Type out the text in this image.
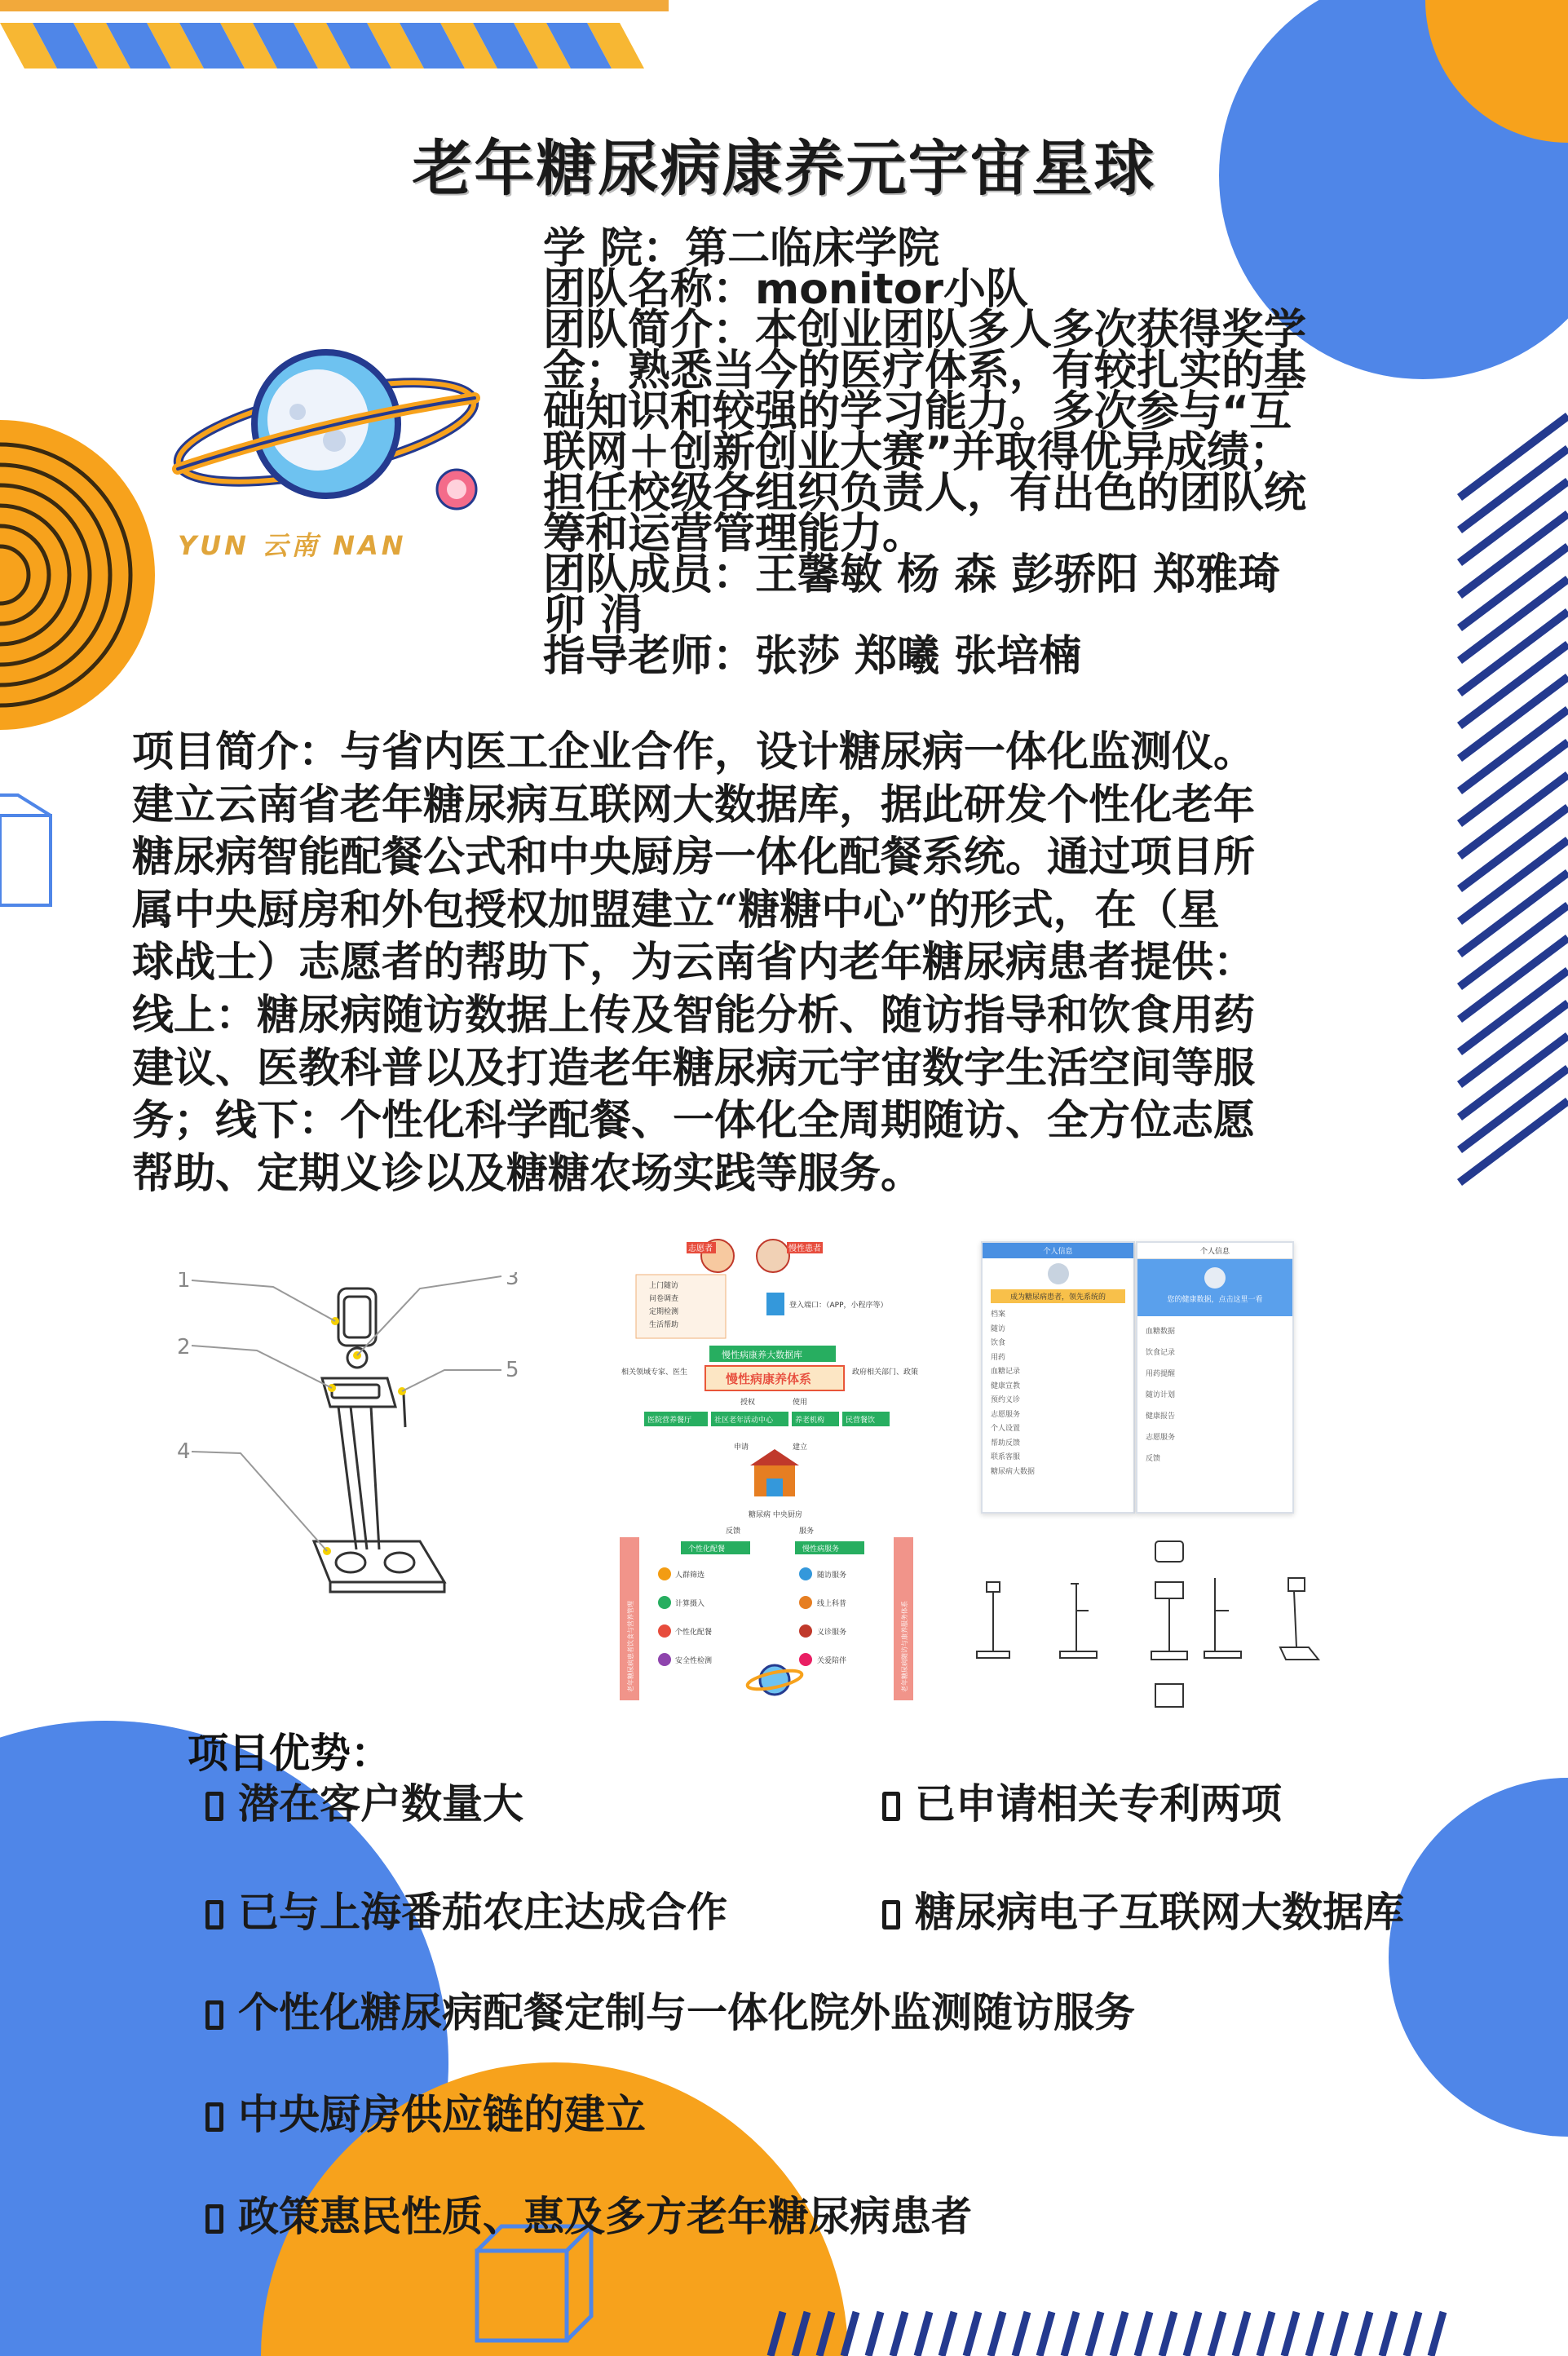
老年糖尿病康养元宇宙星球
YUN 云南 NAN
学 院：第二临床学院
团队名称：monitor小队
团队简介：本创业团队多人多次获得奖学
金；熟悉当今的医疗体系，有较扎实的基
础知识和较强的学习能力。多次参与“互
联网＋创新创业大赛”并取得优异成绩；
担任校级各组织负责人，有出色的团队统
筹和运营管理能力。
团队成员：王馨敏 杨 森 彭骄阳 郑雅琦
卯 涓
指导老师：张莎 郑曦 张培楠
项目简介：与省内医工企业合作，设计糖尿病一体化监测仪。
建立云南省老年糖尿病互联网大数据库，据此研发个性化老年
糖尿病智能配餐公式和中央厨房一体化配餐系统。通过项目所
属中央厨房和外包授权加盟建立“糖糖中心”的形式，在（星
球战士）志愿者的帮助下，为云南省内老年糖尿病患者提供：
线上：糖尿病随访数据上传及智能分析、随访指导和饮食用药
建议、医教科普以及打造老年糖尿病元宇宙数字生活空间等服
务；线下：个性化科学配餐、一体化全周期随访、全方位志愿
帮助、定期义诊以及糖糖农场实践等服务。
1
2
3
4
5
志愿者	慢性患者
上门随访
问卷调查
定期检测
生活帮助
登入端口：（APP，小程序等）
慢性病康养大数据库
慢性病康养体系
相关领域专家、医生	政府相关部门、政策
授权	使用
医院营养餐厅	社区老年活动中心	养老机构	民营餐饮
申请	建立
糖尿病 中央厨房
反馈	服务
个性化配餐	慢性病服务
老年糖尿病患者饮食与营养管理	老年糖尿病随访与康养服务体系
人群筛选
计算摄入
个性化配餐
安全性检测
随访服务
线上科普
义诊服务
关爱陪伴
个人信息
成为糖尿病患者，领先系统的
档案
随访
饮食
用药
血糖记录
健康宣教
预约义诊
志愿服务
个人设置
帮助反馈
联系客服
糖尿病大数据
个人信息
您的健康数据，点击这里一看
血糖数据
饮食记录
用药提醒
随访计划
健康报告
志愿服务
反馈
项目优势：
潜在客户数量大	已申请相关专利两项
已与上海番茄农庄达成合作	糖尿病电子互联网大数据库
个性化糖尿病配餐定制与一体化院外监测随访服务
中央厨房供应链的建立
政策惠民性质、惠及多方老年糖尿病患者
